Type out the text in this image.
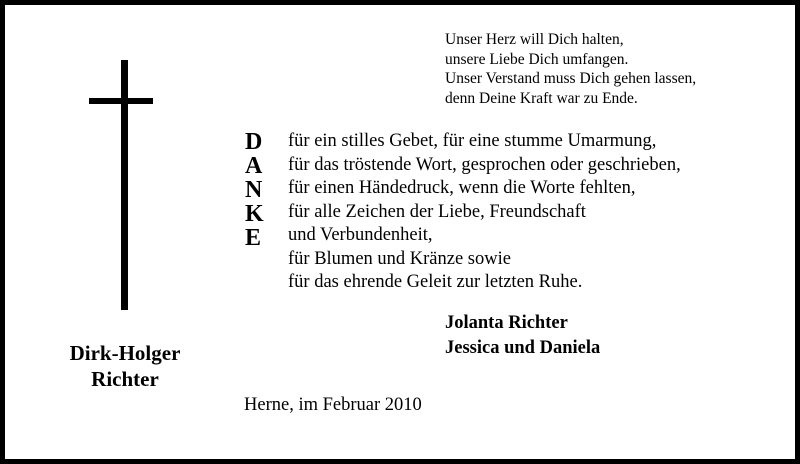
Dirk-Holger
Richter
Unser Herz will Dich halten,
unsere Liebe Dich umfangen.
Unser Verstand muss Dich gehen lassen,
denn Deine Kraft war zu Ende.
D
A
N
K
E
für ein stilles Gebet, für eine stumme Umarmung,
für das tröstende Wort, gesprochen oder geschrieben,
für einen Händedruck, wenn die Worte fehlten,
für alle Zeichen der Liebe, Freundschaft
und Verbundenheit,
für Blumen und Kränze sowie
für das ehrende Geleit zur letzten Ruhe.
Jolanta Richter
Jessica und Daniela
Herne, im Februar 2010
